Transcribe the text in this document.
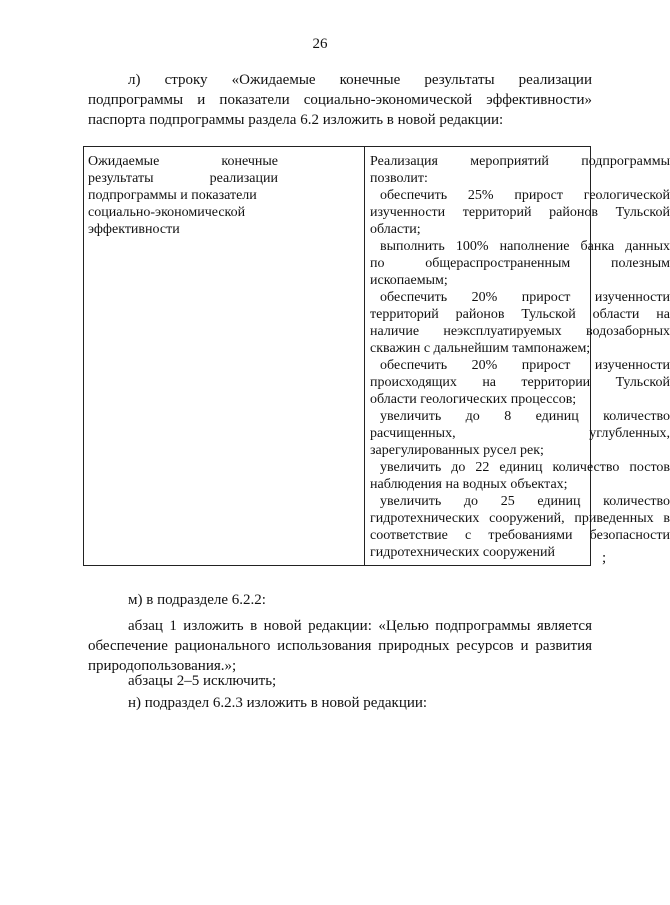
26
л) строку «Ожидаемые конечные результаты реализации
подпрограммы и показатели социально-экономической эффективности»
паспорта подпрограммы раздела 6.2 изложить в новой редакции:
Ожидаемые конечные
результаты реализации
подпрограммы и показатели
социально-экономической
эффективности
Реализация мероприятий подпрограммы
позволит:
обеспечить 25% прирост геологической
изученности территорий районов Тульской
области;
выполнить 100% наполнение банка данных
по общераспространенным полезным
ископаемым;
обеспечить 20% прирост изученности
территорий районов Тульской области на
наличие неэксплуатируемых водозаборных
скважин с дальнейшим тампонажем;
обеспечить 20% прирост изученности
происходящих на территории Тульской
области геологических процессов;
увеличить до 8 единиц количество
расчищенных, углубленных,
зарегулированных русел рек;
увеличить до 22 единиц количество постов
наблюдения на водных объектах;
увеличить до 25 единиц количество
гидротехнических сооружений, приведенных в
соответствие с требованиями безопасности
гидротехнических сооружений	;
м) в подразделе 6.2.2:
абзац 1 изложить в новой редакции: «Целью подпрограммы является
обеспечение рационального использования природных ресурсов и развития
природопользования.»;
абзацы 2–5 исключить;
н) подраздел 6.2.3 изложить в новой редакции:
